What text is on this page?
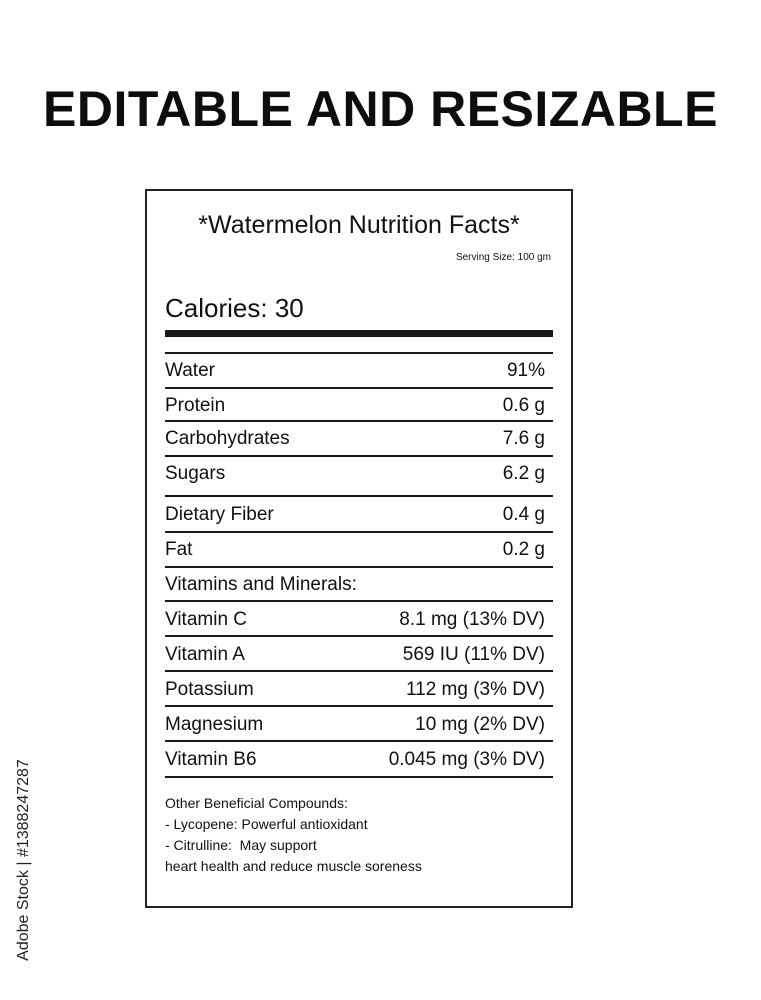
EDITABLE AND RESIZABLE
*Watermelon Nutrition Facts*
Serving Size: 100 gm
Calories: 30
Water	91%
Protein	0.6 g
Carbohydrates	7.6 g
Sugars	6.2 g
Dietary Fiber	0.4 g
Fat	0.2 g
Vitamins and Minerals:
Vitamin C	8.1 mg (13% DV)
Vitamin A	569 IU (11% DV)
Potassium	112 mg (3% DV)
Magnesium	10 mg (2% DV)
Vitamin B6	0.045 mg (3% DV)
Other Beneficial Compounds:
- Lycopene: Powerful antioxidant
- Citrulline:  May support
heart health and reduce muscle soreness
Adobe Stock | #1388247287
